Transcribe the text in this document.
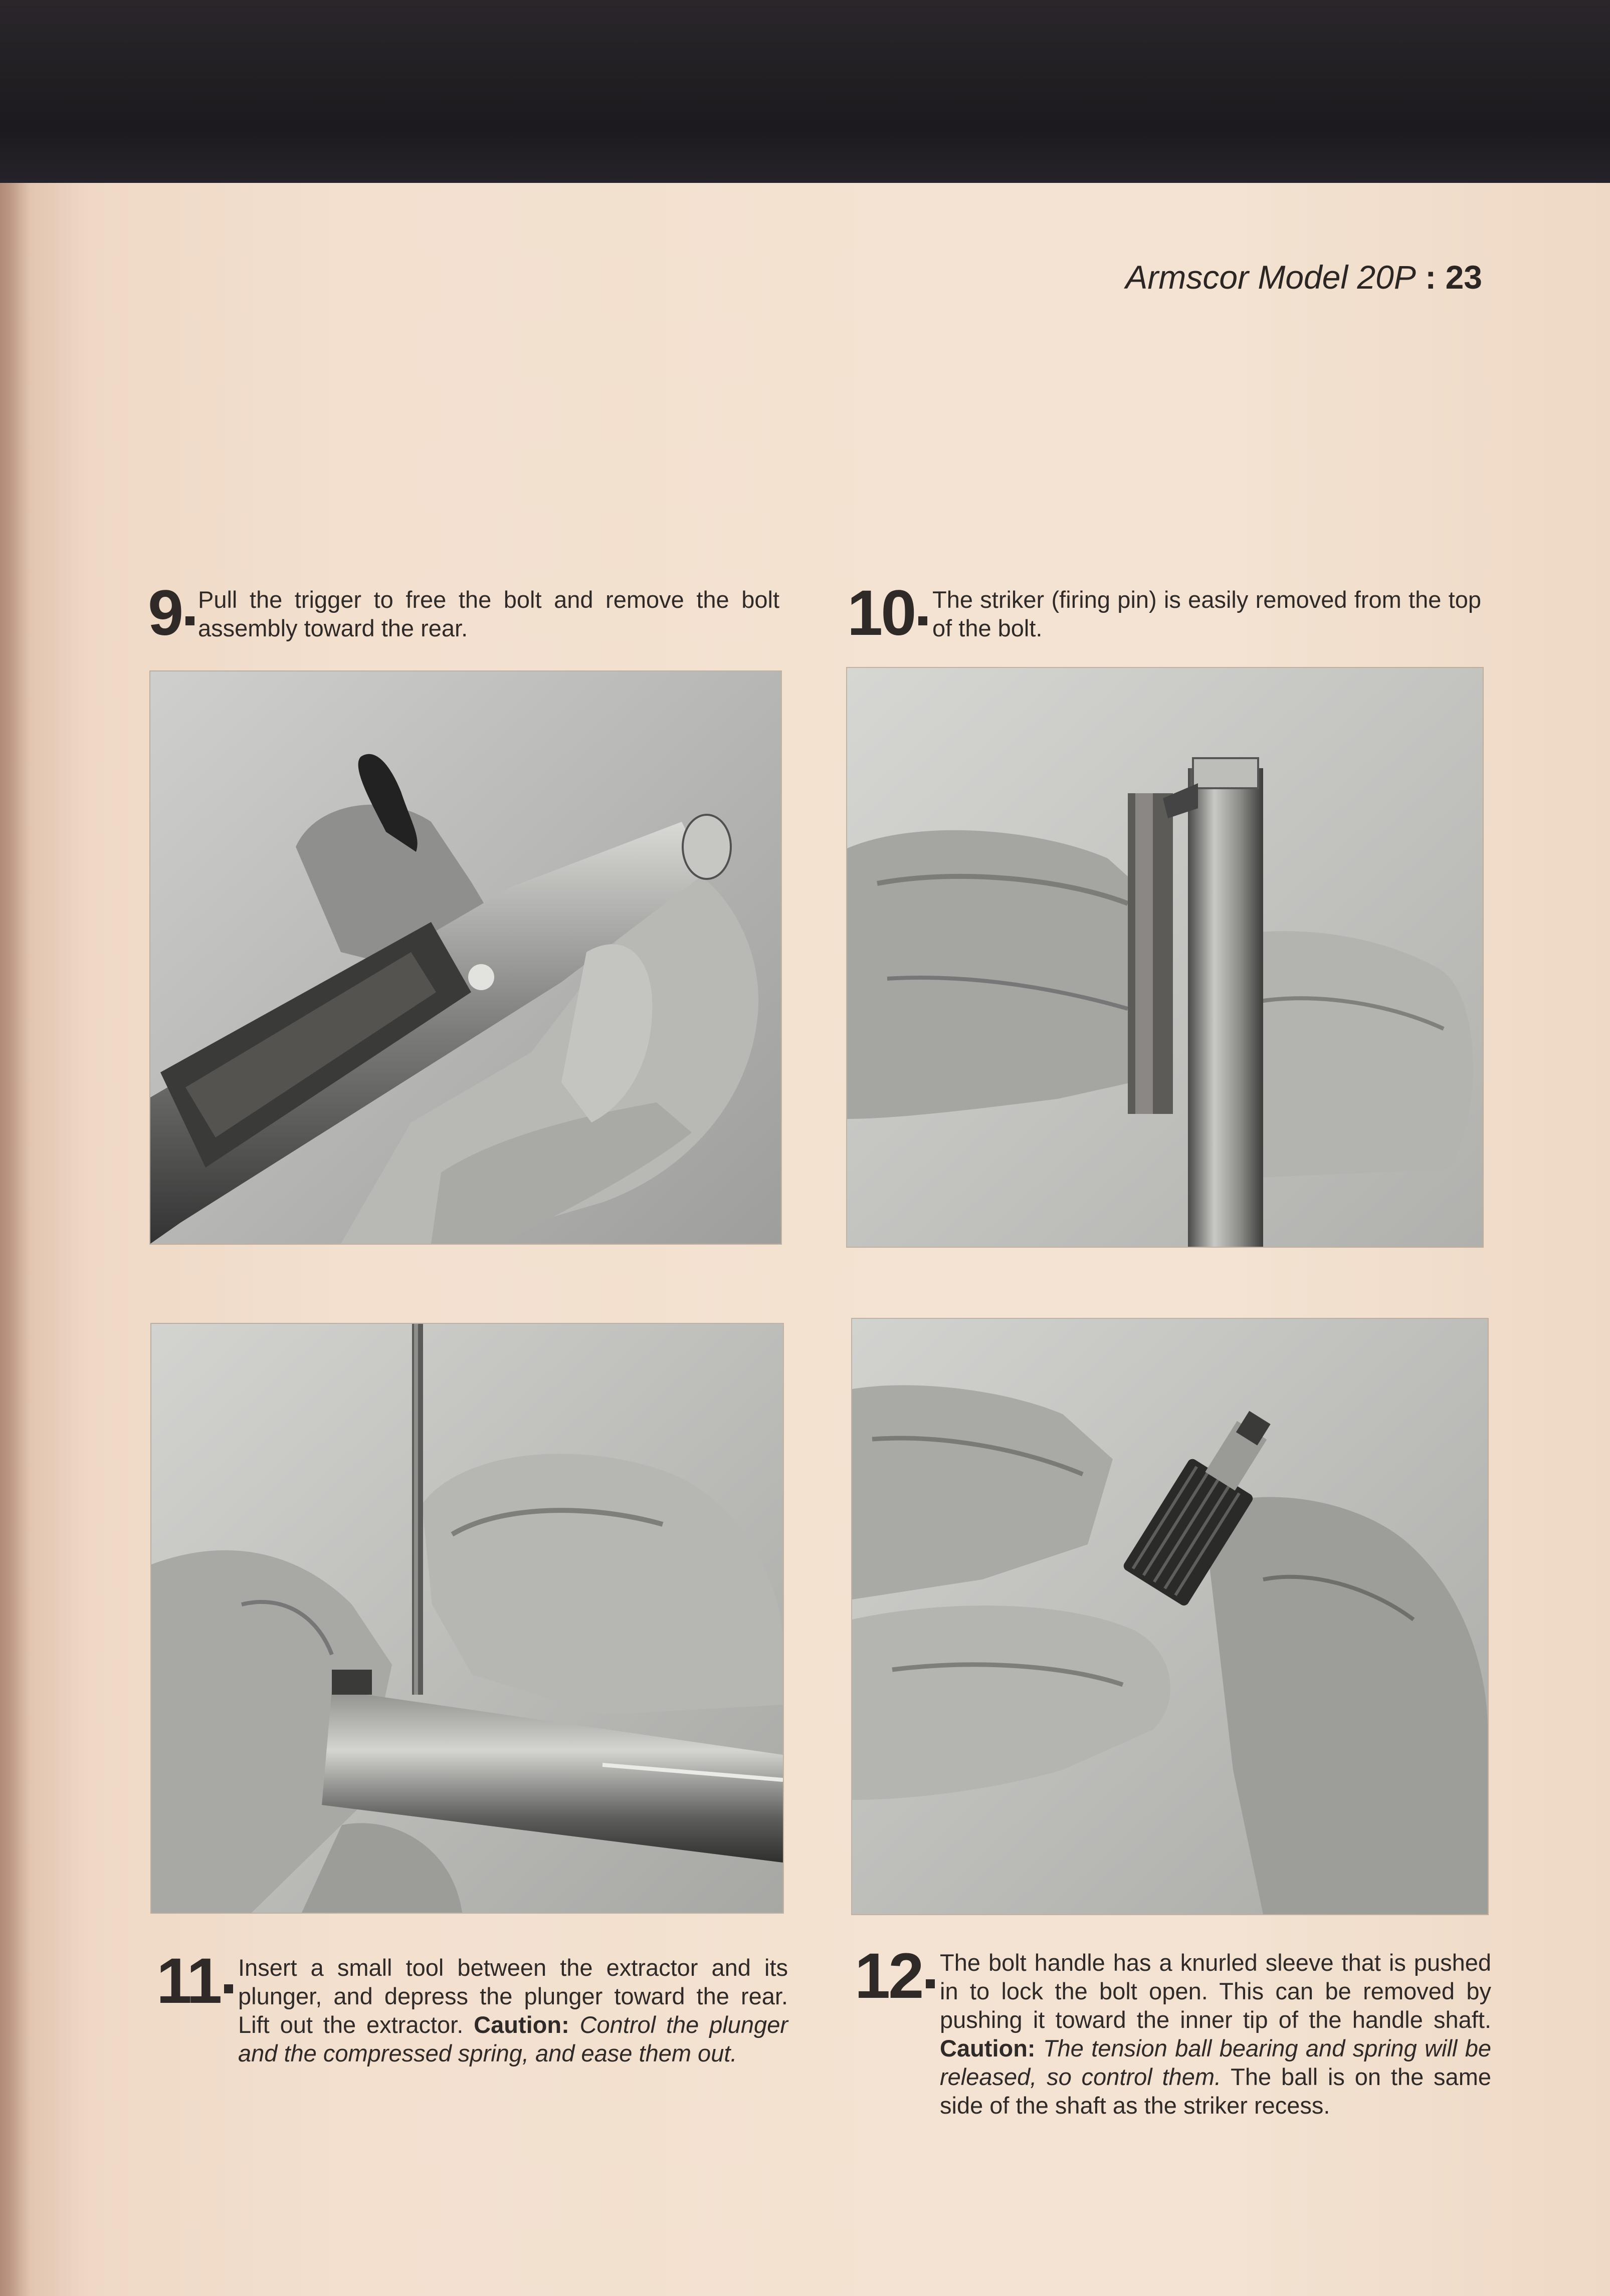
Armscor Model 20P : 23
9 Pull the trigger to free the bolt and remove the bolt assembly toward the rear.	10 The striker (firing pin) is easily removed from the top of the bolt.

11 Insert a small tool between the extractor and its plunger, and depress the plunger toward the rear. Lift out the extractor. Caution: Control the plunger and the compressed spring, and ease them out.

12 The bolt handle has a knurled sleeve that is pushed in to lock the bolt open. This can be removed by pushing it toward the inner tip of the handle shaft. Caution: The tension ball bearing and spring will be released, so control them. The ball is on the same side of the shaft as the striker recess.
